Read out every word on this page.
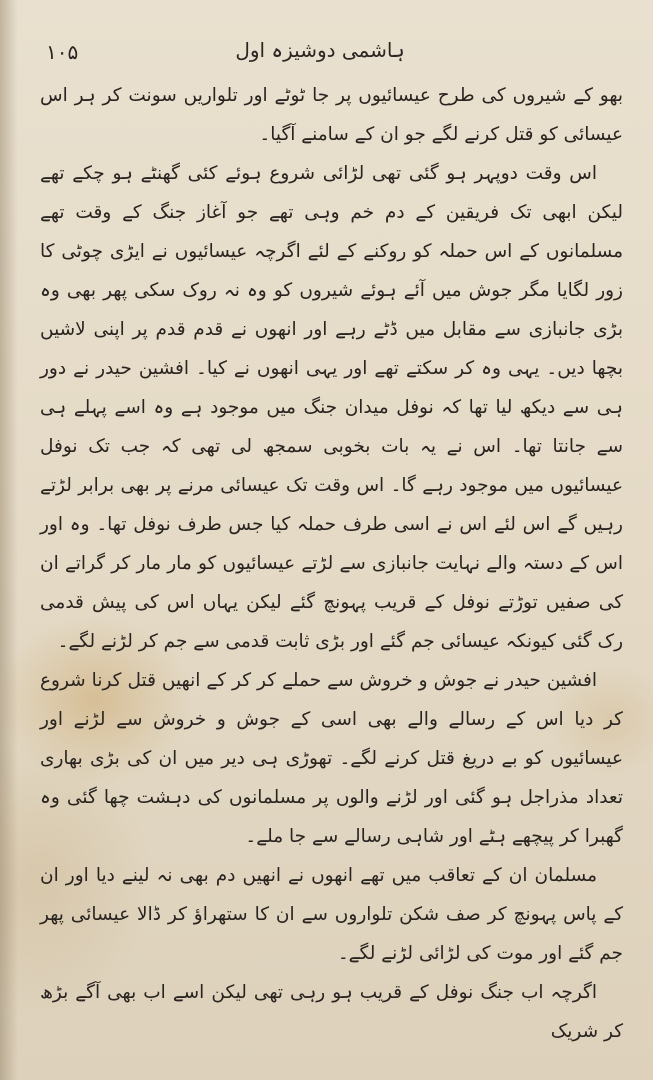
۱۰۵	ہاشمی دوشیزہ اول

بھو کے شیروں کی طرح عیسائیوں پر جا ٹوٹے اور تلواریں سونت کر ہر اس عیسائی کو قتل کرنے لگے جو ان کے سامنے آگیا۔

اس وقت دوپہر ہو گئی تھی لڑائی شروع ہوئے کئی گھنٹے ہو چکے تھے لیکن ابھی تک فریقین کے دم خم وہی تھے جو آغاز جنگ کے وقت تھے مسلمانوں کے اس حملہ کو روکنے کے لئے اگرچہ عیسائیوں نے ایڑی چوٹی کا زور لگایا مگر جوش میں آئے ہوئے شیروں کو وہ نہ روک سکی پھر بھی وہ بڑی جانبازی سے مقابل میں ڈٹے رہے اور انھوں نے قدم قدم پر اپنی لاشیں بچھا دیں۔ یہی وہ کر سکتے تھے اور یہی انھوں نے کیا۔ افشین حیدر نے دور ہی سے دیکھ لیا تھا کہ نوفل میدان جنگ میں موجود ہے وہ اسے پہلے ہی سے جانتا تھا۔ اس نے یہ بات بخوبی سمجھ لی تھی کہ جب تک نوفل عیسائیوں میں موجود رہے گا۔ اس وقت تک عیسائی مرنے پر بھی برابر لڑتے رہیں گے اس لئے اس نے اسی طرف حملہ کیا جس طرف نوفل تھا۔ وہ اور اس کے دستہ والے نہایت جانبازی سے لڑتے عیسائیوں کو مار مار کر گراتے ان کی صفیں توڑتے نوفل کے قریب پہونچ گئے لیکن یہاں اس کی پیش قدمی رک گئی کیونکہ عیسائی جم گئے اور بڑی ثابت قدمی سے جم کر لڑنے لگے۔

افشین حیدر نے جوش و خروش سے حملے کر کر کے انھیں قتل کرنا شروع کر دیا اس کے رسالے والے بھی اسی کے جوش و خروش سے لڑنے اور عیسائیوں کو بے دریغ قتل کرنے لگے۔ تھوڑی ہی دیر میں ان کی بڑی بھاری تعداد مذراجل ہو گئی اور لڑنے والوں پر مسلمانوں کی دہشت چھا گئی وہ گھبرا کر پیچھے ہٹے اور شاہی رسالے سے جا ملے۔

مسلمان ان کے تعاقب میں تھے انھوں نے انھیں دم بھی نہ لینے دیا اور ان کے پاس پہونچ کر صف شکن تلواروں سے ان کا ستھراؤ کر ڈالا عیسائی پھر جم گئے اور موت کی لڑائی لڑنے لگے۔

اگرچہ اب جنگ نوفل کے قریب ہو رہی تھی لیکن اسے اب بھی آگے بڑھ کر شریک
